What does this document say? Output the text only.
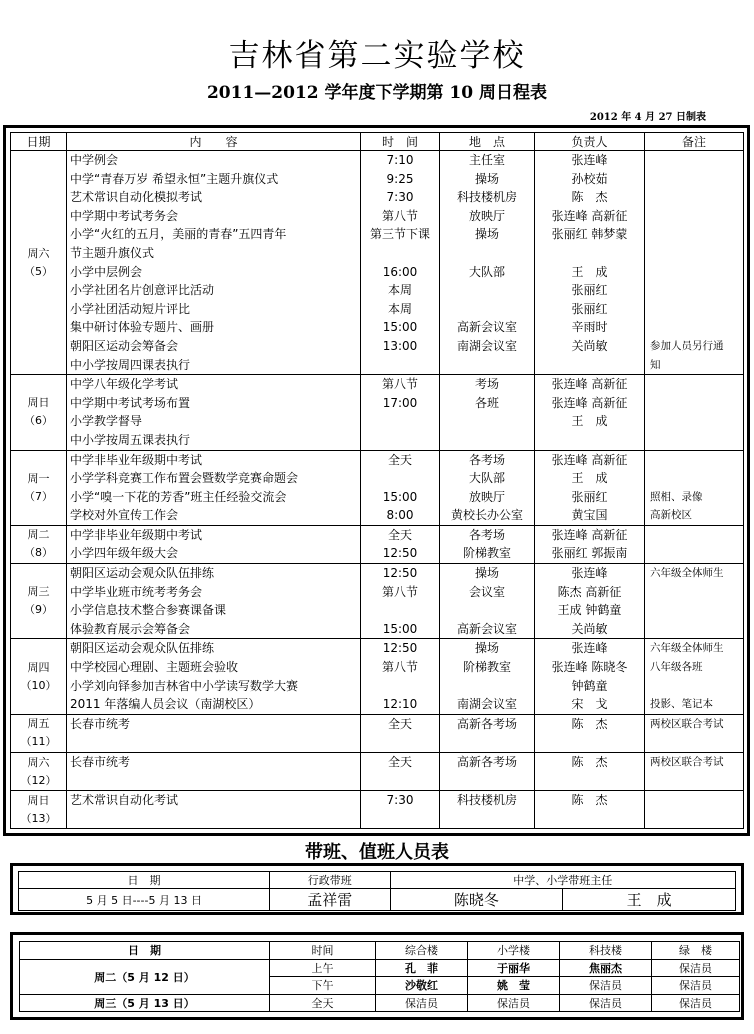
吉林省第二实验学校
2011—2012 学年度下学期第 10 周日程表
2012 年 4 月 27 日制表
日期	内　　容	时　间	地　点	负责人	备注

周六
（5）	中学例会	7:10	主任室	张连峰	
	中学“青春万岁 希望永恒”主题升旗仪式	9:25	操场	孙校茹	
	艺术常识自动化模拟考试	7:30	科技楼机房	陈　杰	
	中学期中考试考务会	第八节	放映厅	张连峰 高新征	
	小学“火红的五月，美丽的青春”五四青年	第三节下课	操场	张丽红 韩梦蒙	
	节主题升旗仪式				
	小学中层例会	16:00	大队部	王　成	
	小学社团名片创意评比活动	本周		张丽红	
	小学社团活动短片评比	本周		张丽红	
	集中研讨体验专题片、画册	15:00	高新会议室	辛雨时	
	朝阳区运动会筹备会	13:00	南湖会议室	关尚敏	参加人员另行通
	中小学按周四课表执行				知

周日
（6）	中学八年级化学考试	第八节	考场	张连峰 高新征	
	中学期中考试考场布置	17:00	各班	张连峰 高新征	
	小学教学督导			王　成	
	中小学按周五课表执行				

周一
（7）	中学非毕业年级期中考试	全天	各考场	张连峰 高新征	
	小学学科竞赛工作布置会暨数学竞赛命题会		大队部	王　成	
	小学“嗅一下花的芳香”班主任经验交流会	15:00	放映厅	张丽红	照相、录像
	学校对外宣传工作会	8:00	黄校长办公室	黄宝国	高新校区

周二
（8）	中学非毕业年级期中考试	全天	各考场	张连峰 高新征	
	小学四年级年级大会	12:50	阶梯教室	张丽红 郭振南	

周三
（9）	朝阳区运动会观众队伍排练	12:50	操场	张连峰	六年级全体师生
	中学毕业班市统考考务会	第八节	会议室	陈杰 高新征	
	小学信息技术整合参赛课备课			王成 钟鹤童	
	体验教育展示会筹备会	15:00	高新会议室	关尚敏	

周四
（10）	朝阳区运动会观众队伍排练	12:50	操场	张连峰	六年级全体师生
	中学校园心理剧、主题班会验收	第八节	阶梯教室	张连峰 陈晓冬	八年级各班
	小学刘向铎参加吉林省中小学读写数学大赛			钟鹤童	
	2011 年落编人员会议（南湖校区）	12:10	南湖会议室	宋　戈	投影、笔记本

周五
（11）	长春市统考	全天	高新各考场	陈　杰	两校区联合考试

周六
（12）	长春市统考	全天	高新各考场	陈　杰	两校区联合考试

周日
（13）	艺术常识自动化考试	7:30	科技楼机房	陈　杰	

带班、值班人员表
日　期	行政带班	中学、小学带班主任	
5 月 5 日----5 月 13 日	孟祥雷	陈晓冬	王　成
日　期	时间	综合楼	小学楼	科技楼	绿　楼
周二（5 月 12 日）	上午	孔　菲	于丽华	焦丽杰	保洁员
	下午	沙敬红	姚　莹	保洁员	保洁员
周三（5 月 13 日）	全天	保洁员	保洁员	保洁员	保洁员
